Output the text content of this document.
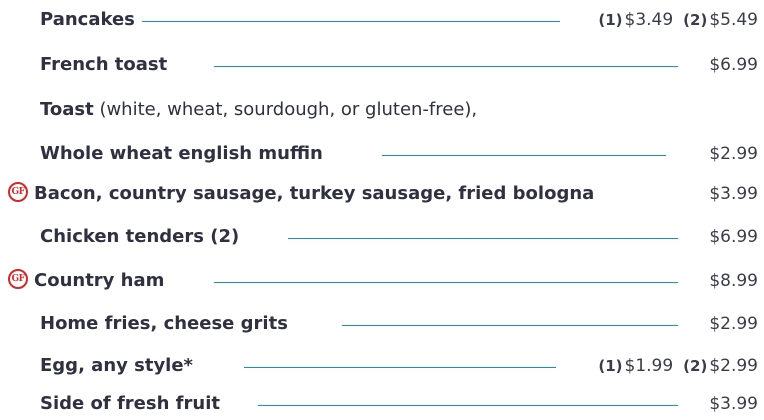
Pancakes	(1) $3.49 (2) $5.49
French toast	$6.99
Toast (white, wheat, sourdough, or gluten-free),
Whole wheat english muffin	$2.99
GF Bacon, country sausage, turkey sausage, fried bologna	$3.99
Chicken tenders (2)	$6.99
GF Country ham	$8.99
Home fries, cheese grits	$2.99
Egg, any style*	(1) $1.99 (2) $2.99
Side of fresh fruit	$3.99
